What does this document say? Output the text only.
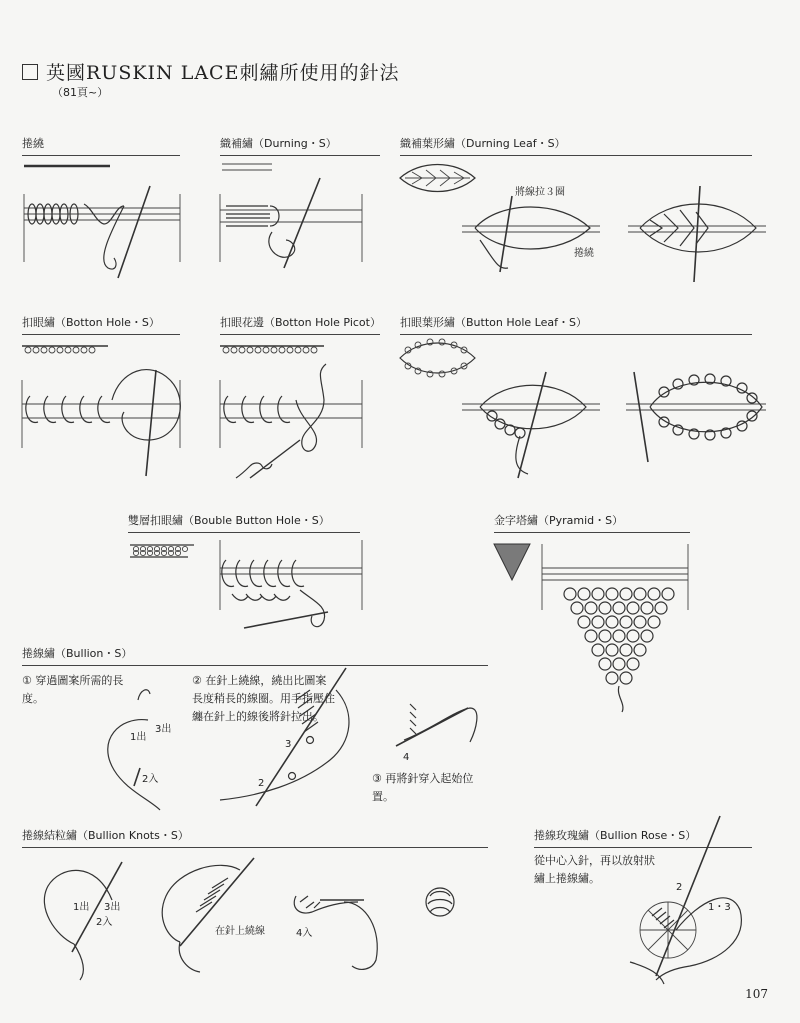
英國RUSKIN LACE刺繡所使用的針法
（81頁~）
捲繞	織補繡（Durning・S）	織補葉形繡（Durning Leaf・S）
扣眼繡（Botton Hole・S）	扣眼花邊（Botton Hole Picot） 扣眼葉形繡（Button Hole Leaf・S）
雙層扣眼繡（Bouble Button Hole・S）	金字塔繡（Pyramid・S）
捲線繡（Bullion・S）
捲線結粒繡（Bullion Knots・S）	捲線玫瑰繡（Bullion Rose・S）
將線拉３圈
捲繞
① 穿過圖案所需的長度。
② 在針上繞線，繞出比圖案長度稍長的線圈。用手指壓住纏在針上的線後將針拉出。
③ 再將針穿入起始位置。
1出
3出
2入	2
3
4
1出 3出
2入
在針上繞線	4入
從中心入針，再以放射狀繡上捲線繡。
2
1・3
107
